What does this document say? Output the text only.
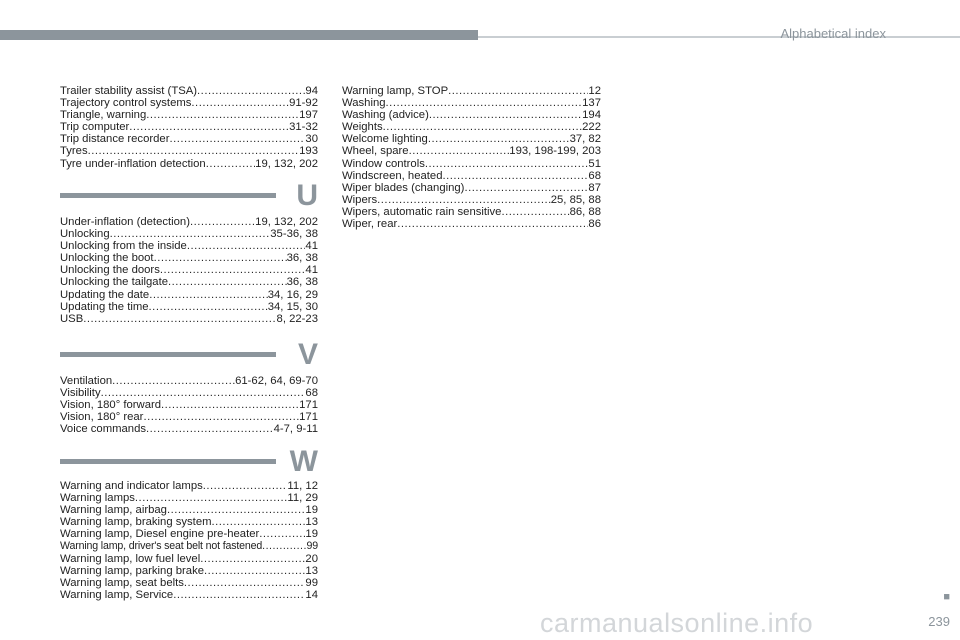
Alphabetical index
Trailer stability assist (TSA) .....	94
Trajectory control systems .....	91-92
Triangle, warning .....	197
Trip computer .....	31-32
Trip distance recorder .....	30
Tyres .....	193
Tyre under-inflation detection .....	19, 132, 202
U
Under-inflation (detection) .....	19, 132, 202
Unlocking .....	35-36, 38
Unlocking from the inside .....	41
Unlocking the boot .....	36, 38
Unlocking the doors .....	41
Unlocking the tailgate .....	36, 38
Updating the date .....	34, 16, 29
Updating the time .....	34, 15, 30
USB .....	8, 22-23
V
Ventilation .....	61-62, 64, 69-70
Visibility .....	68
Vision, 180° forward .....	171
Vision, 180° rear .....	171
Voice commands .....	4-7, 9-11
W
Warning and indicator lamps .....	11, 12
Warning lamps .....	11, 29
Warning lamp, airbag .....	19
Warning lamp, braking system .....	13
Warning lamp, Diesel engine pre-heater .....	19
Warning lamp, driver's seat belt not fastened .....	99
Warning lamp, low fuel level .....	20
Warning lamp, parking brake .....	13
Warning lamp, seat belts .....	99
Warning lamp, Service .....	14
Warning lamp, STOP .....	12
Washing .....	137
Washing (advice) .....	194
Weights .....	222
Welcome lighting .....	37, 82
Wheel, spare .....	193, 198-199, 203
Window controls .....	51
Windscreen, heated .....	68
Wiper blades (changing) .....	87
Wipers .....	25, 85, 88
Wipers, automatic rain sensitive .....	86, 88
Wiper, rear .....	86
■
239
carmanualsonline.info
